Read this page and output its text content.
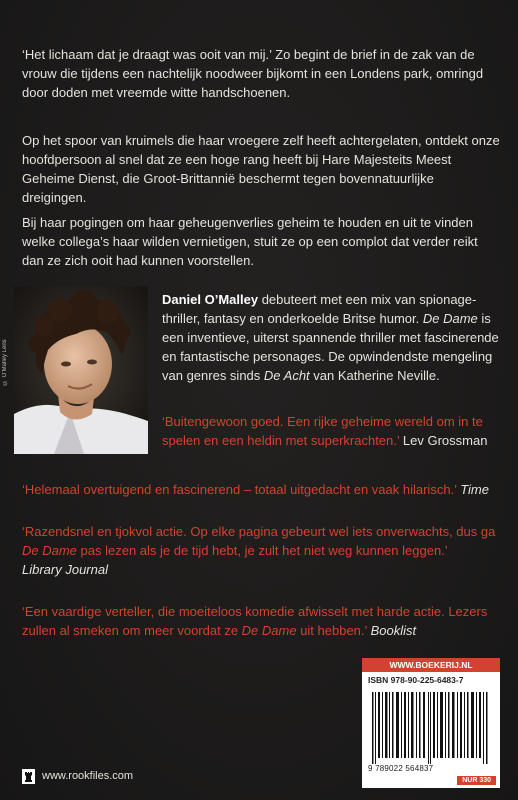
‘Het lichaam dat je draagt was ooit van mij.’ Zo begint de brief in de zak van de vrouw die tijdens een nachtelijk noodweer bijkomt in een Londens park, omringd door doden met vreemde witte handschoenen.

Op het spoor van kruimels die haar vroegere zelf heeft achtergelaten, ontdekt onze hoofdpersoon al snel dat ze een hoge rang heeft bij Hare Majesteits Meest Geheime Dienst, die Groot-Brittannië beschermt tegen bovennatuurlijke dreigingen.

Bij haar pogingen om haar geheugenverlies geheim te houden en uit te vinden welke collega’s haar wilden vernietigen, stuit ze op een complot dat verder reikt dan ze zich ooit had kunnen voorstellen.

© O’Malley Lens

Daniel O’Malley debuteert met een mix van spionage-thriller, fantasy en onderkoelde Britse humor. De Dame is een inventieve, uiterst spannende thriller met fascinerende en fantastische personages. De opwindendste mengeling van genres sinds De Acht van Katherine Neville.

‘Buitengewoon goed. Een rijke geheime wereld om in te spelen en een heldin met superkrachten.’ Lev Grossman

‘Helemaal overtuigend en fascinerend – totaal uitgedacht en vaak hilarisch.’ Time

‘Razendsnel en tjokvol actie. Op elke pagina gebeurt wel iets onverwachts, dus ga De Dame pas lezen als je de tijd hebt, je zult het niet weg kunnen leggen.’
Library Journal

‘Een vaardige verteller, die moeiteloos komedie afwisselt met harde actie. Lezers zullen al smeken om meer voordat ze De Dame uit hebben.’ Booklist

WWW.BOEKERIJ.NL
ISBN 978-90-225-6483-7
9 789022 564837
NUR 330
www.rookfiles.com
